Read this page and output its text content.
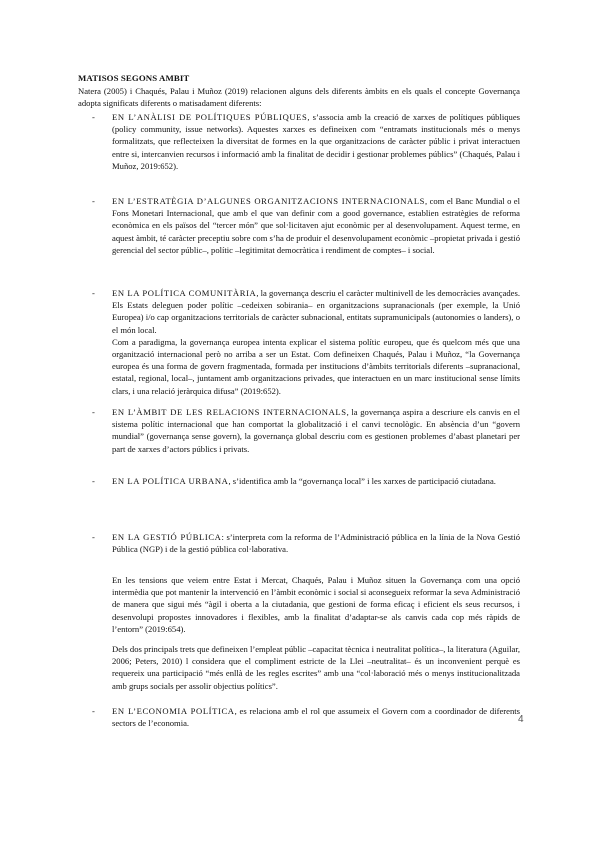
MATISOS SEGONS AMBIT
Natera (2005) i Chaqués, Palau i Muñoz (2019) relacionen alguns dels diferents àmbits en els quals el concepte Governança adopta significats diferents o matisadament diferents:
-	EN L’ANÀLISI DE POLÍTIQUES PÚBLIQUES, s’associa amb la creació de xarxes de polítiques públiques (policy community, issue networks). Aquestes xarxes es defineixen com “entramats institucionals més o menys formalitzats, que reflecteixen la diversitat de formes en la que organitzacions de caràcter públic i privat interactuen entre si, intercanvien recursos i informació amb la finalitat de decidir i gestionar problemes públics” (Chaqués, Palau i Muñoz, 2019:652).

-	EN L’ESTRATÈGIA D’ALGUNES ORGANITZACIONS INTERNACIONALS, com el Banc Mundial o el Fons Monetari Internacional, que amb el que van definir com a good governance, establien estratègies de reforma econòmica en els països del “tercer món” que sol·licitaven ajut econòmic per al desenvolupament. Aquest terme, en aquest àmbit, té caràcter preceptiu sobre com s’ha de produir el desenvolupament econòmic –propietat privada i gestió gerencial del sector públic–, polític –legitimitat democràtica i rendiment de comptes– i social.

-	EN LA POLÍTICA COMUNITÀRIA, la governança descriu el caràcter multinivell de les democràcies avançades. Els Estats deleguen poder polític –cedeixen sobirania– en organitzacions supranacionals (per exemple, la Unió Europea) i/o cap organitzacions territorials de caràcter subnacional, entitats supramunicipals (autonomies o landers), o el món local.

Com a paradigma, la governança europea intenta explicar el sistema polític europeu, que és quelcom més que una organització internacional però no arriba a ser un Estat. Com defineixen Chaqués, Palau i Muñoz, “la Governança europea és una forma de govern fragmentada, formada per institucions d’àmbits territorials diferents –supranacional, estatal, regional, local–, juntament amb organitzacions privades, que interactuen en un marc institucional sense límits clars, i una relació jeràrquica difusa” (2019:652).

-	EN L’ÀMBIT DE LES RELACIONS INTERNACIONALS, la governança aspira a descriure els canvis en el sistema polític internacional que han comportat la globalització i el canvi tecnològic. En absència d’un “govern mundial” (governança sense govern), la governança global descriu com es gestionen problemes d’abast planetari per part de xarxes d’actors públics i privats.

-	EN LA POLÍTICA URBANA, s’identifica amb la “governança local” i les xarxes de participació ciutadana.

-	EN LA GESTIÓ PÚBLICA: s’interpreta com la reforma de l’Administració pública en la línia de la Nova Gestió Pública (NGP) i de la gestió pública col·laborativa.

En les tensions que veiem entre Estat i Mercat, Chaqués, Palau i Muñoz situen la Governança com una opció intermèdia que pot mantenir la intervenció en l’àmbit econòmic i social si aconsegueix reformar la seva Administració de manera que sigui més “àgil i oberta a la ciutadania, que gestioni de forma eficaç i eficient els seus recursos, i desenvolupi propostes innovadores i flexibles, amb la finalitat d’adaptar-se als canvis cada cop més ràpids de l’entorn” (2019:654).
Dels dos principals trets que defineixen l’empleat públic –capacitat tècnica i neutralitat política–, la literatura (Aguilar, 2006; Peters, 2010) l considera que el compliment estricte de la Llei –neutralitat– és un inconvenient perquè es requereix una participació “més enllà de les regles escrites” amb una “col·laboració més o menys institucionalitzada amb grups socials per assolir objectius polítics”.
-	EN L’ECONOMIA POLÍTICA, es relaciona amb el rol que assumeix el Govern com a coordinador de diferents sectors de l’economia.	4
